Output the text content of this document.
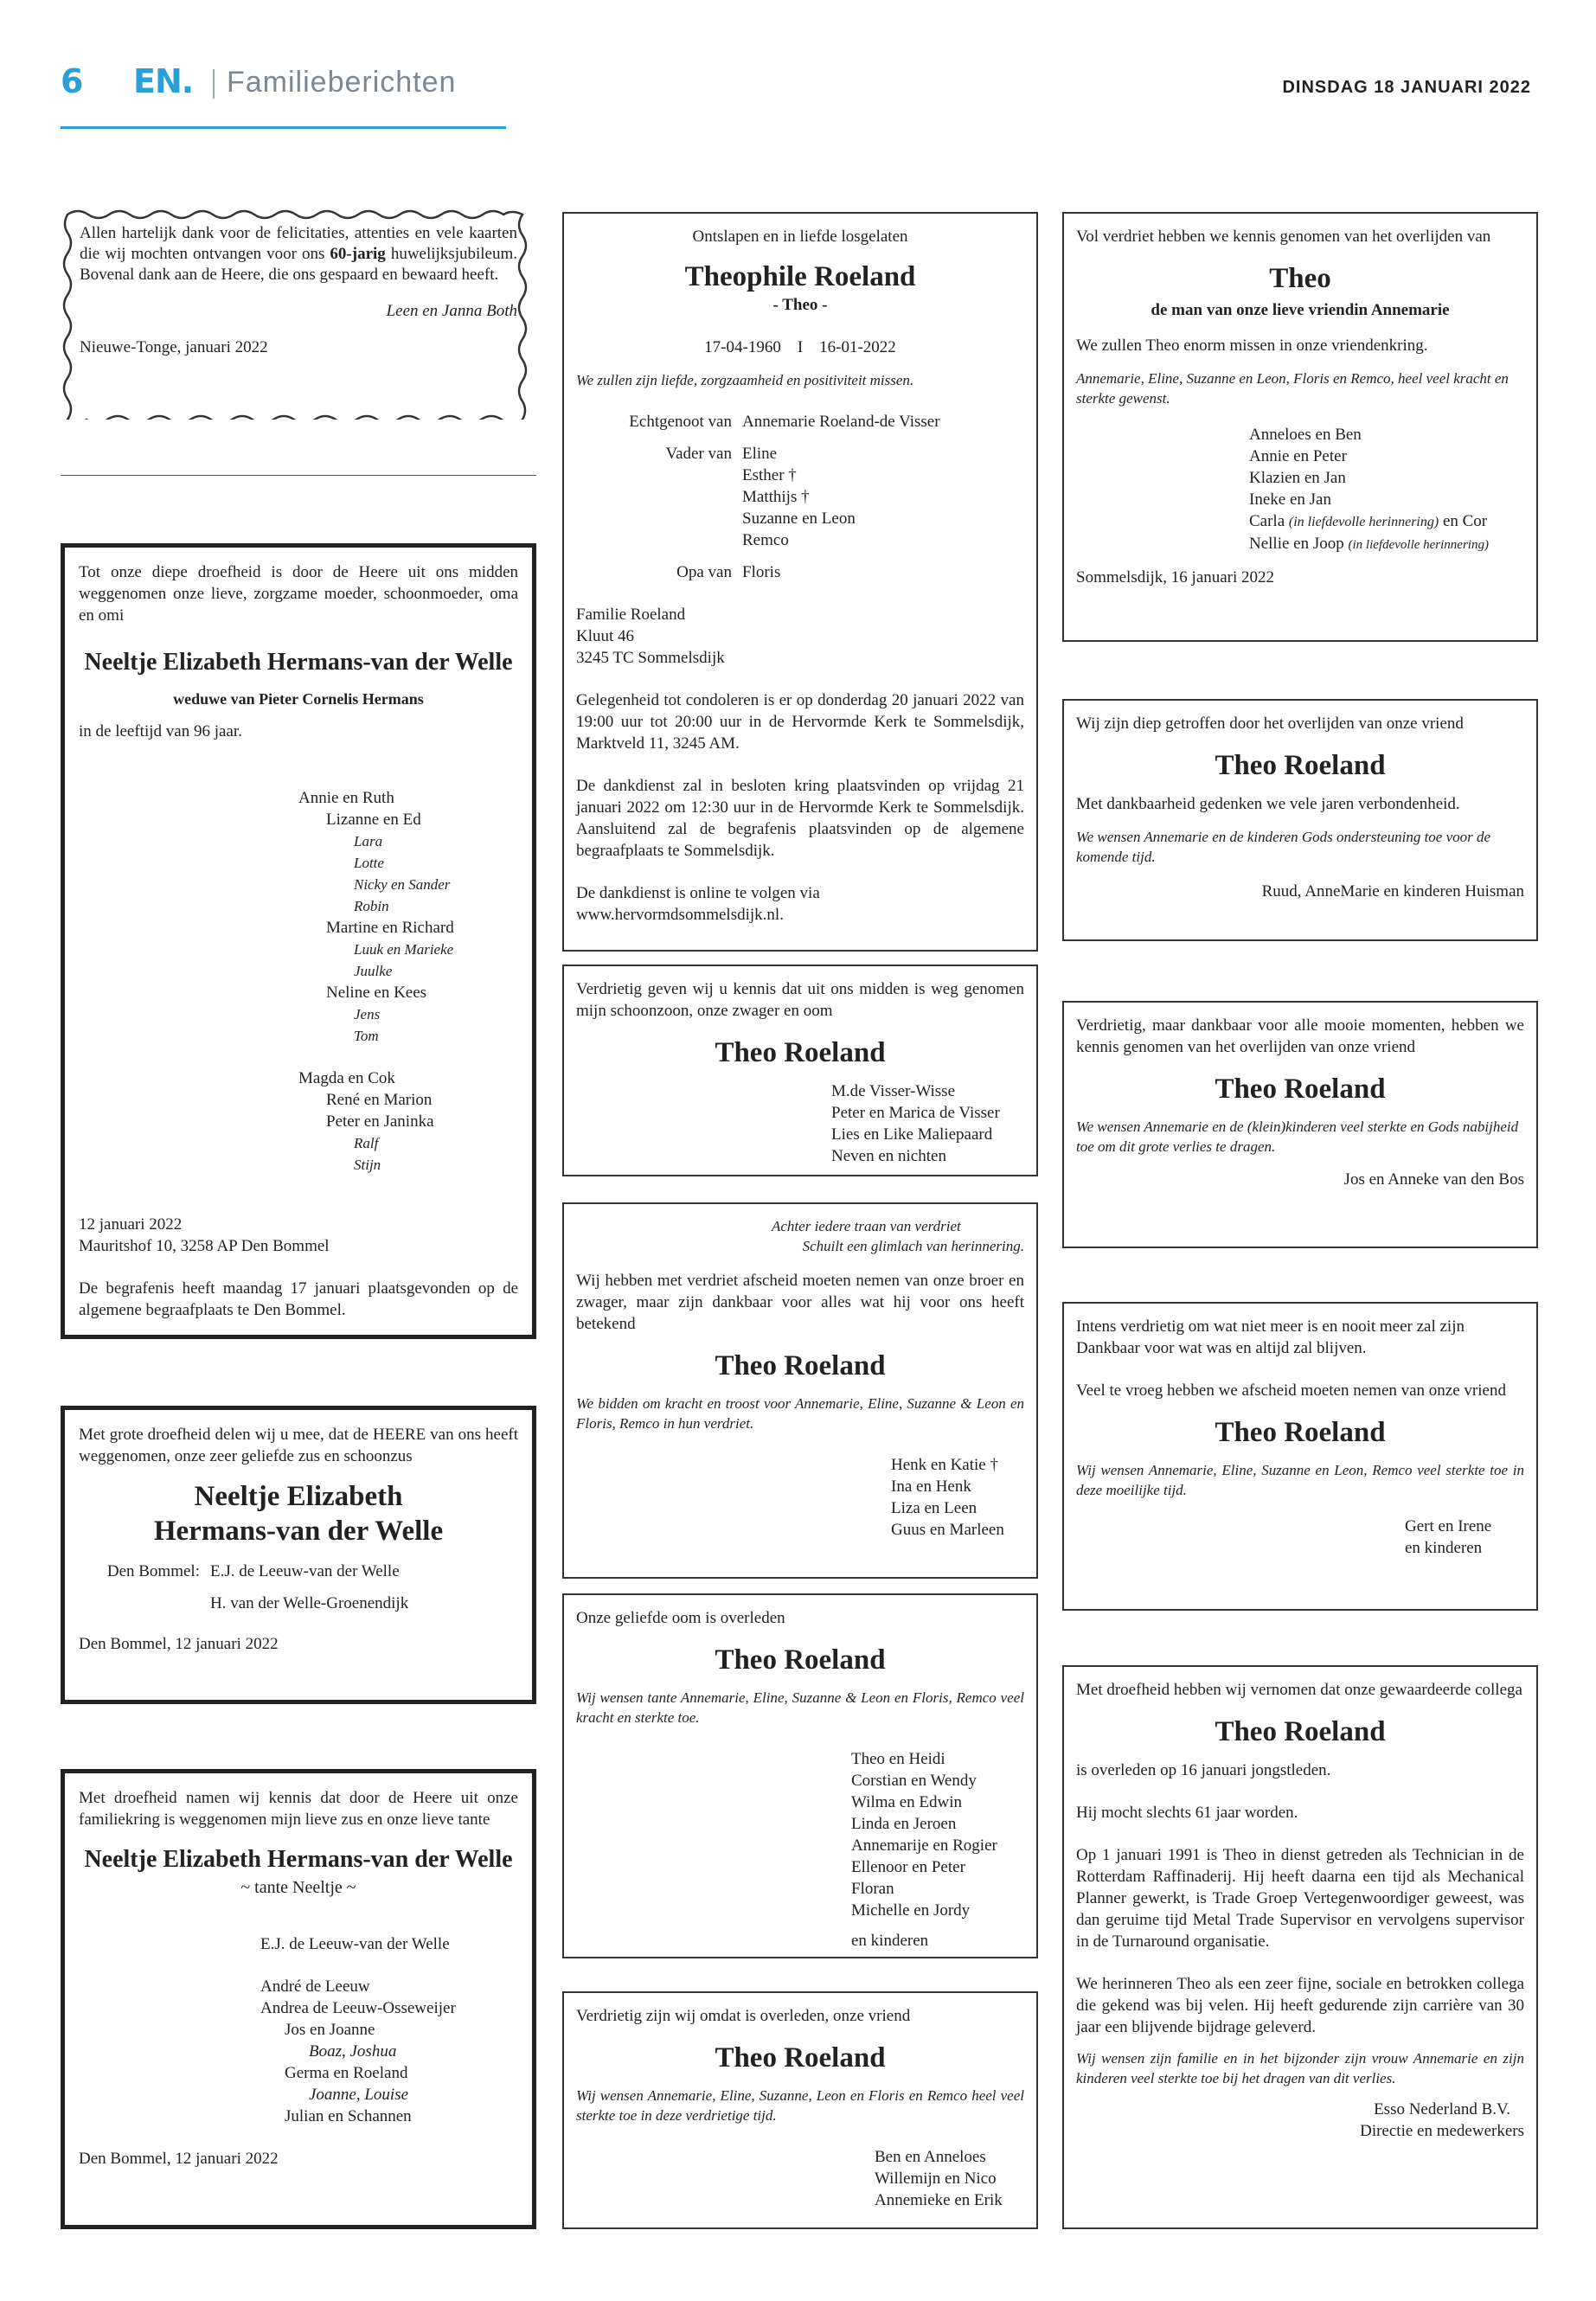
6 EN. Familieberichten	DINSDAG 18 JANUARI 2022

Allen hartelijk dank voor de felicitaties, attenties en vele kaarten die wij mochten ontvangen voor ons 60-jarig huwelijksjubileum. Bovenal dank aan de Heere, die ons gespaard en bewaard heeft.

Leen en Janna Both

Nieuwe-Tonge, januari 2022

Tot onze diepe droefheid is door de Heere uit ons midden weggenomen onze lieve, zorgzame moeder, schoonmoeder, oma en omi

Neeltje Elizabeth Hermans-van der Welle
weduwe van Pieter Cornelis Hermans

in de leeftijd van 96 jaar.

Annie en Ruth
Lizanne en Ed
Lara
Lotte
Nicky en Sander
Robin
Martine en Richard
Luuk en Marieke
Juulke
Neline en Kees
Jens
Tom
Magda en Cok
René en Marion
Peter en Janinka
Ralf
Stijn
12 januari 2022

Mauritshof 10, 3258 AP Den Bommel

De begrafenis heeft maandag 17 januari plaatsgevonden op de algemene begraafplaats te Den Bommel.

Met grote droefheid delen wij u mee, dat de HEERE van ons heeft weggenomen, onze zeer geliefde zus en schoonzus

Neeltje Elizabeth
Hermans-van der Welle
Den Bommel: E.J. de Leeuw-van der Welle
H. van der Welle-Groenendijk
Den Bommel, 12 januari 2022

Met droefheid namen wij kennis dat door de Heere uit onze familiekring is weggenomen mijn lieve zus en onze lieve tante

Neeltje Elizabeth Hermans-van der Welle
~ tante Neeltje ~
E.J. de Leeuw-van der Welle
André de Leeuw
Andrea de Leeuw-Osseweijer
Jos en Joanne
Boaz, Joshua
Germa en Roeland
Joanne, Louise
Julian en Schannen
Den Bommel, 12 januari 2022
Ontslapen en in liefde losgelaten
Theophile Roeland
- Theo -
17-04-1960    I    16-01-2022

We zullen zijn liefde, zorgzaamheid en positiviteit missen.

Echtgenoot van Annemarie Roeland-de Visser
Vader van Eline
Esther †
Matthijs †
Suzanne en Leon
Remco
Opa van Floris
Familie Roeland
Kluut 46
3245 TC Sommelsdijk

Gelegenheid tot condoleren is er op donderdag 20 januari 2022 van 19:00 uur tot 20:00 uur in de Hervormde Kerk te Sommelsdijk, Marktveld 11, 3245 AM.

De dankdienst zal in besloten kring plaatsvinden op vrijdag 21 januari 2022 om 12:30 uur in de Hervormde Kerk te Sommelsdijk. Aansluitend zal de begrafenis plaatsvinden op de algemene begraafplaats te Sommelsdijk.

De dankdienst is online te volgen via
www.hervormdsommelsdijk.nl.
Verdrietig geven wij u kennis dat uit ons midden is weg genomen mijn schoonzoon, onze zwager en oom
Theo Roeland
M.de Visser-Wisse
Peter en Marica de Visser
Lies en Like Maliepaard
Neven en nichten
Achter iedere traan van verdriet
Schuilt een glimlach van herinnering.
Wij hebben met verdriet afscheid moeten nemen van onze broer en zwager, maar zijn dankbaar voor alles wat hij voor ons heeft betekend
Theo Roeland

We bidden om kracht en troost voor Annemarie, Eline, Suzanne & Leon en Floris, Remco in hun verdriet.

Henk en Katie †
Ina en Henk
Liza en Leen
Guus en Marleen
Onze geliefde oom is overleden
Theo Roeland

Wij wensen tante Annemarie, Eline, Suzanne & Leon en Floris, Remco veel kracht en sterkte toe.

Theo en Heidi
Corstian en Wendy
Wilma en Edwin
Linda en Jeroen
Annemarije en Rogier
Ellenoor en Peter
Floran
Michelle en Jordy
en kinderen
Verdrietig zijn wij omdat is overleden, onze vriend
Theo Roeland

Wij wensen Annemarie, Eline, Suzanne, Leon en Floris en Remco heel veel sterkte toe in deze verdrietige tijd.

Ben en Anneloes
Willemijn en Nico
Annemieke en Erik
Vol verdriet hebben we kennis genomen van het overlijden van
Theo
de man van onze lieve vriendin Annemarie

We zullen Theo enorm missen in onze vriendenkring.

Annemarie, Eline, Suzanne en Leon, Floris en Remco, heel veel kracht en sterkte gewenst.

Anneloes en Ben
Annie en Peter
Klazien en Jan
Ineke en Jan
Carla (in liefdevolle herinnering) en Cor
Nellie en Joop (in liefdevolle herinnering)
Sommelsdijk, 16 januari 2022
Wij zijn diep getroffen door het overlijden van onze vriend
Theo Roeland

Met dankbaarheid gedenken we vele jaren verbondenheid.

We wensen Annemarie en de kinderen Gods ondersteuning toe voor de komende tijd.

Ruud, AnneMarie en kinderen Huisman
Verdrietig, maar dankbaar voor alle mooie momenten, hebben we kennis genomen van het overlijden van onze vriend
Theo Roeland

We wensen Annemarie en de (klein)kinderen veel sterkte en Gods nabijheid toe om dit grote verlies te dragen.

Jos en Anneke van den Bos
Intens verdrietig om wat niet meer is en nooit meer zal zijn
Dankbaar voor wat was en altijd zal blijven.
Veel te vroeg hebben we afscheid moeten nemen van onze vriend
Theo Roeland

Wij wensen Annemarie, Eline, Suzanne en Leon, Remco veel sterkte toe in deze moeilijke tijd.

Gert en Irene
en kinderen
Met droefheid hebben wij vernomen dat onze gewaardeerde collega
Theo Roeland

is overleden op 16 januari jongstleden.

Hij mocht slechts 61 jaar worden.

Op 1 januari 1991 is Theo in dienst getreden als Technician in de Rotterdam Raffinaderij. Hij heeft daarna een tijd als Mechanical Planner gewerkt, is Trade Groep Vertegenwoordiger geweest, was dan geruime tijd Metal Trade Supervisor en vervolgens supervisor in de Turnaround organisatie.

We herinneren Theo als een zeer fijne, sociale en betrokken collega die gekend was bij velen. Hij heeft gedurende zijn carrière van 30 jaar een blijvende bijdrage geleverd.

Wij wensen zijn familie en in het bijzonder zijn vrouw Annemarie en zijn kinderen veel sterkte toe bij het dragen van dit verlies.

Esso Nederland B.V.
Directie en medewerkers
